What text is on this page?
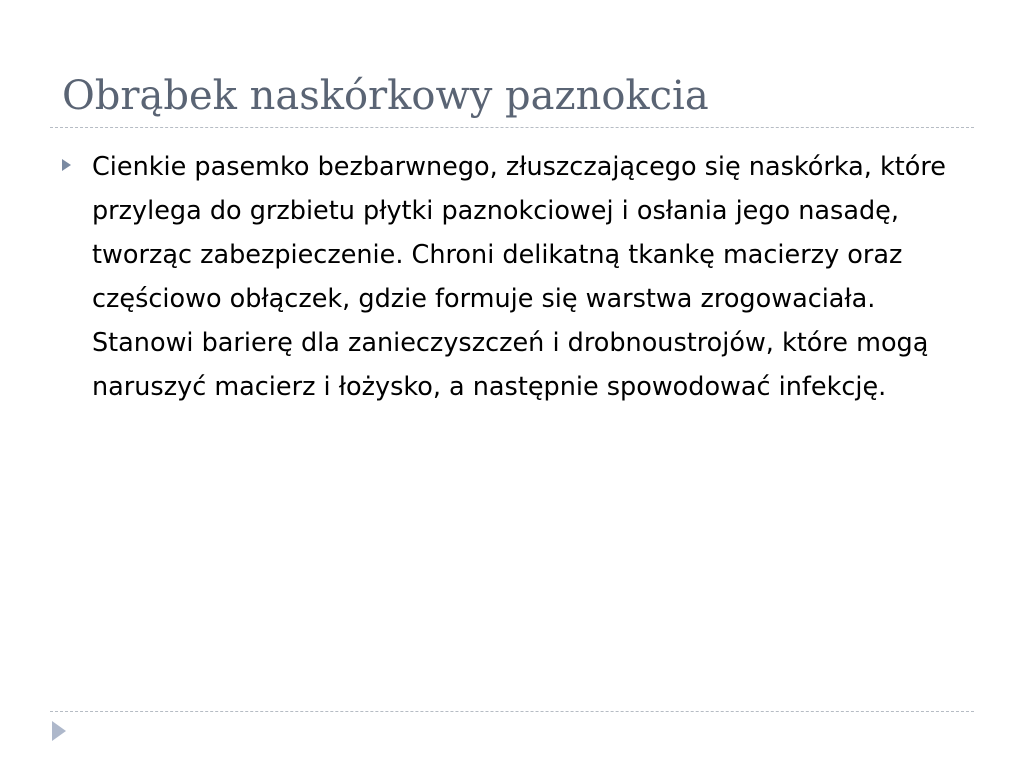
Obrąbek naskórkowy paznokcia
Cienkie pasemko bezbarwnego, złuszczającego się naskórka, które przylega do grzbietu płytki paznokciowej i osłania jego nasadę, tworząc zabezpieczenie. Chroni delikatną tkankę macierzy oraz częściowo obłączek, gdzie formuje się warstwa zrogowaciała. Stanowi barierę dla zanieczyszczeń i drobnoustrojów, które mogą naruszyć macierz i łożysko, a następnie spowodować infekcję.
